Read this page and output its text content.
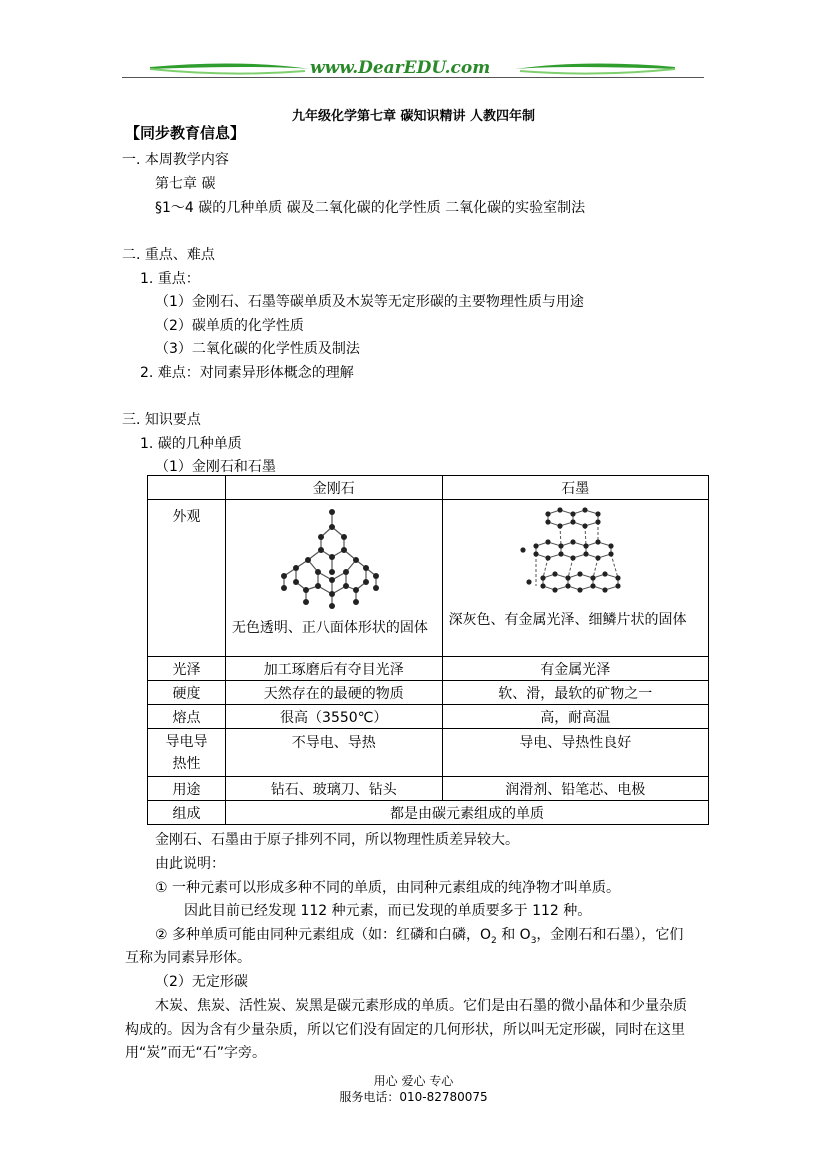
www.DearEDU.com
九年级化学第七章 碳知识精讲 人教四年制
【同步教育信息】
一. 本周教学内容
第七章 碳
§1～4 碳的几种单质 碳及二氧化碳的化学性质 二氧化碳的实验室制法
二. 重点、难点
1. 重点：
（1）金刚石、石墨等碳单质及木炭等无定形碳的主要物理性质与用途
（2）碳单质的化学性质
（3）二氧化碳的化学性质及制法
2. 难点：对同素异形体概念的理解
三. 知识要点
1. 碳的几种单质
（1）金刚石和石墨
	金刚石	石墨
外观	无色透明、正八面体形状的固体	深灰色、有金属光泽、细鳞片状的固体

光泽	加工琢磨后有夺目光泽	有金属光泽
硬度	天然存在的最硬的物质	软、滑，最软的矿物之一
熔点	很高（3550℃）	高，耐高温
导电导热性	不导电、导热	导电、导热性良好
用途	钻石、玻璃刀、钻头	润滑剂、铅笔芯、电极
组成	都是由碳元素组成的单质	
金刚石、石墨由于原子排列不同，所以物理性质差异较大。
由此说明：
① 一种元素可以形成多种不同的单质，由同种元素组成的纯净物才叫单质。
因此目前已经发现 112 种元素，而已发现的单质要多于 112 种。
② 多种单质可能由同种元素组成（如：红磷和白磷，$O_2$ 和 $O_3$，金刚石和石墨），它们
互称为同素异形体。
（2）无定形碳
木炭、焦炭、活性炭、炭黑是碳元素形成的单质。它们是由石墨的微小晶体和少量杂质
构成的。因为含有少量杂质，所以它们没有固定的几何形状，所以叫无定形碳，同时在这里
用“炭”而无“石”字旁。
用心 爱心 专心
服务电话：010-82780075
